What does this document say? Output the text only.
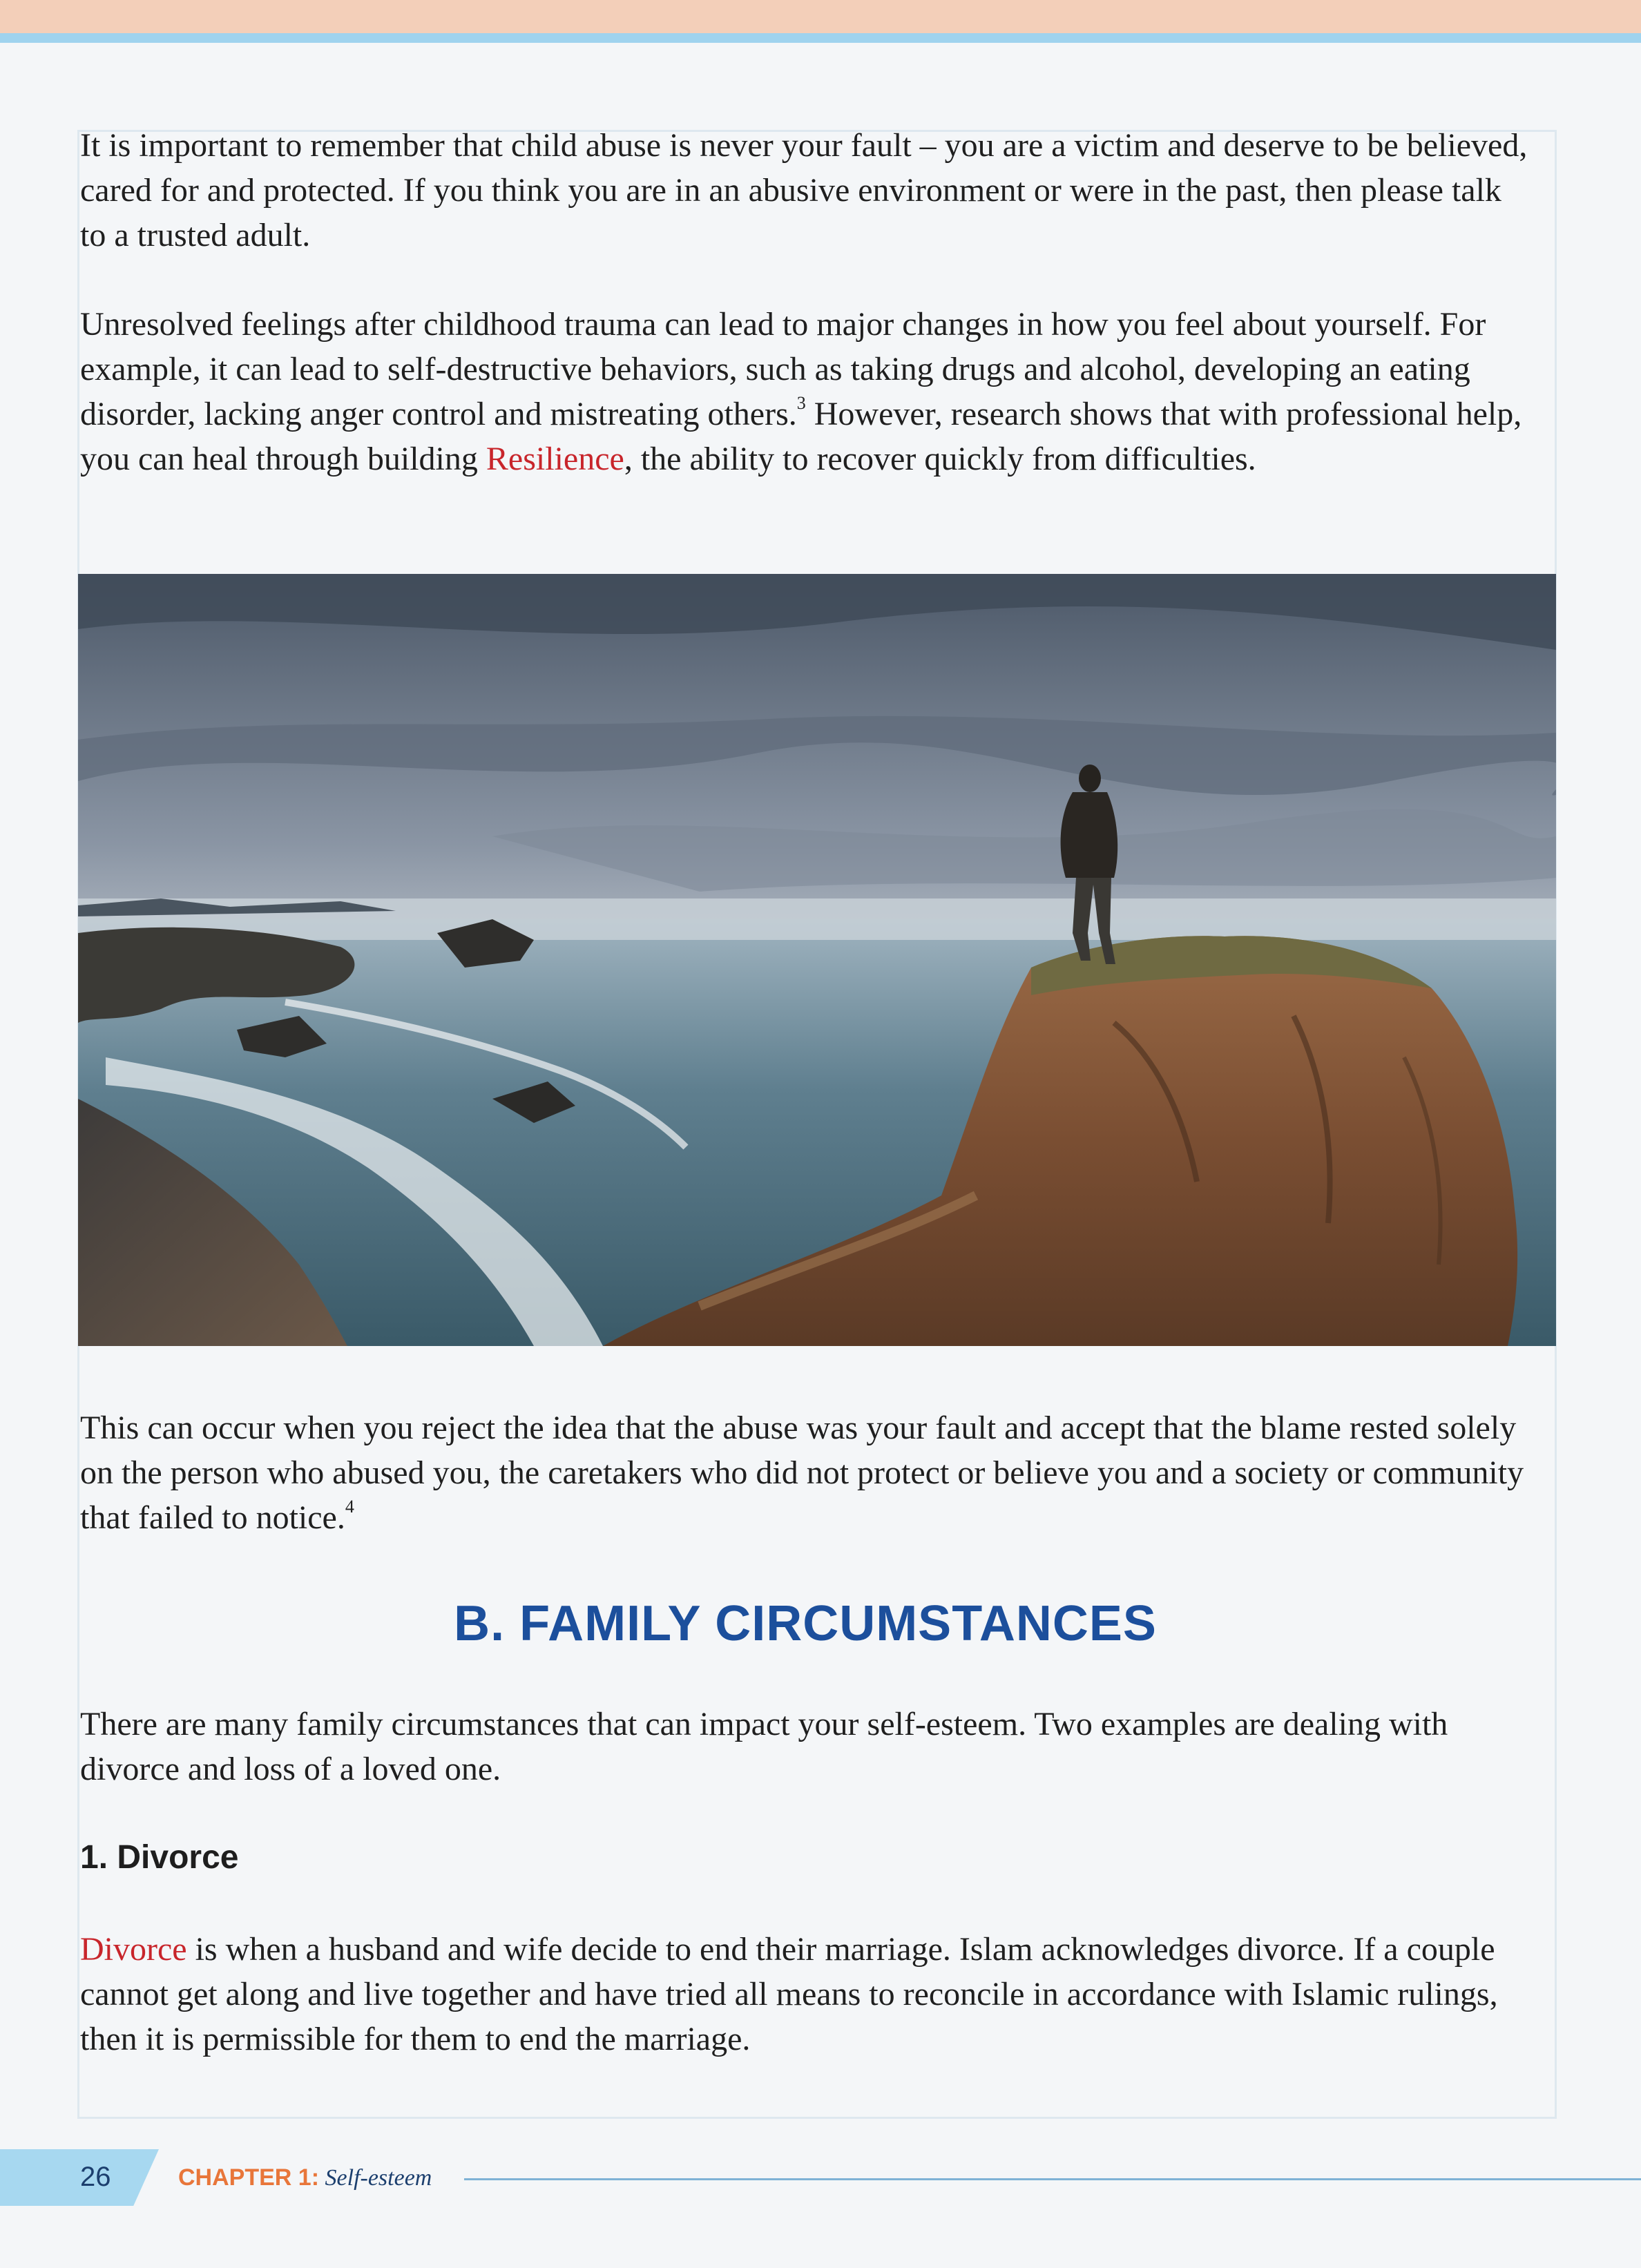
It is important to remember that child abuse is never your fault – you are a victim and deserve to be believed, cared for and protected. If you think you are in an abusive environment or were in the past, then please talk to a trusted adult.

Unresolved feelings after childhood trauma can lead to major changes in how you feel about yourself. For example, it can lead to self-destructive behaviors, such as taking drugs and alcohol, developing an eating disorder, lacking anger control and mistreating others.$^3$ However, research shows that with professional help, you can heal through building Resilience, the ability to recover quickly from difficulties.

This can occur when you reject the idea that the abuse was your fault and accept that the blame rested solely on the person who abused you, the caretakers who did not protect or believe you and a society or community that failed to notice.$^4$

B. FAMILY CIRCUMSTANCES

There are many family circumstances that can impact your self-esteem. Two examples are dealing with divorce and loss of a loved one.

1. Divorce

Divorce is when a husband and wife decide to end their marriage. Islam acknowledges divorce. If a couple cannot get along and live together and have tried all means to reconcile in accordance with Islamic rulings, then it is permissible for them to end the marriage.

26	CHAPTER 1: Self-esteem
